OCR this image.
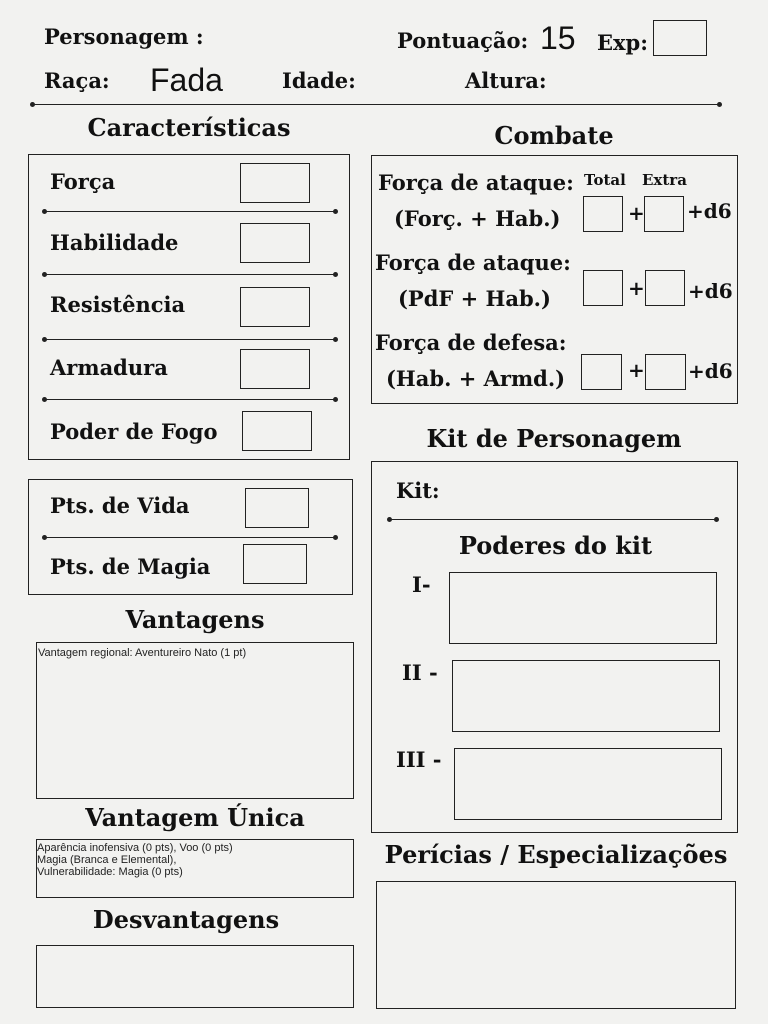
Personagem :	Pontuação: 15 Exp:
Raça: Fada	Idade:	Altura:
Características
Força
Habilidade
Resistência
Armadura
Poder de Fogo
Pts. de Vida
Pts. de Magia
Vantagens
Vantagem regional: Aventureiro Nato (1 pt)
Vantagem Única
Aparência inofensiva (0 pts), Voo (0 pts)
Magia (Branca e Elemental),
Vulnerabilidade: Magia (0 pts)
Desvantagens
Combate
Total Extra
Força de ataque:
(Forç. + Hab.)	+ +d6
Força de ataque:
(PdF + Hab.)	+ +d6
Força de defesa:
(Hab. + Armd.)	+ +d6
Kit de Personagem
Kit:
Poderes do kit
I-
II -
III -
Perícias / Especializações
